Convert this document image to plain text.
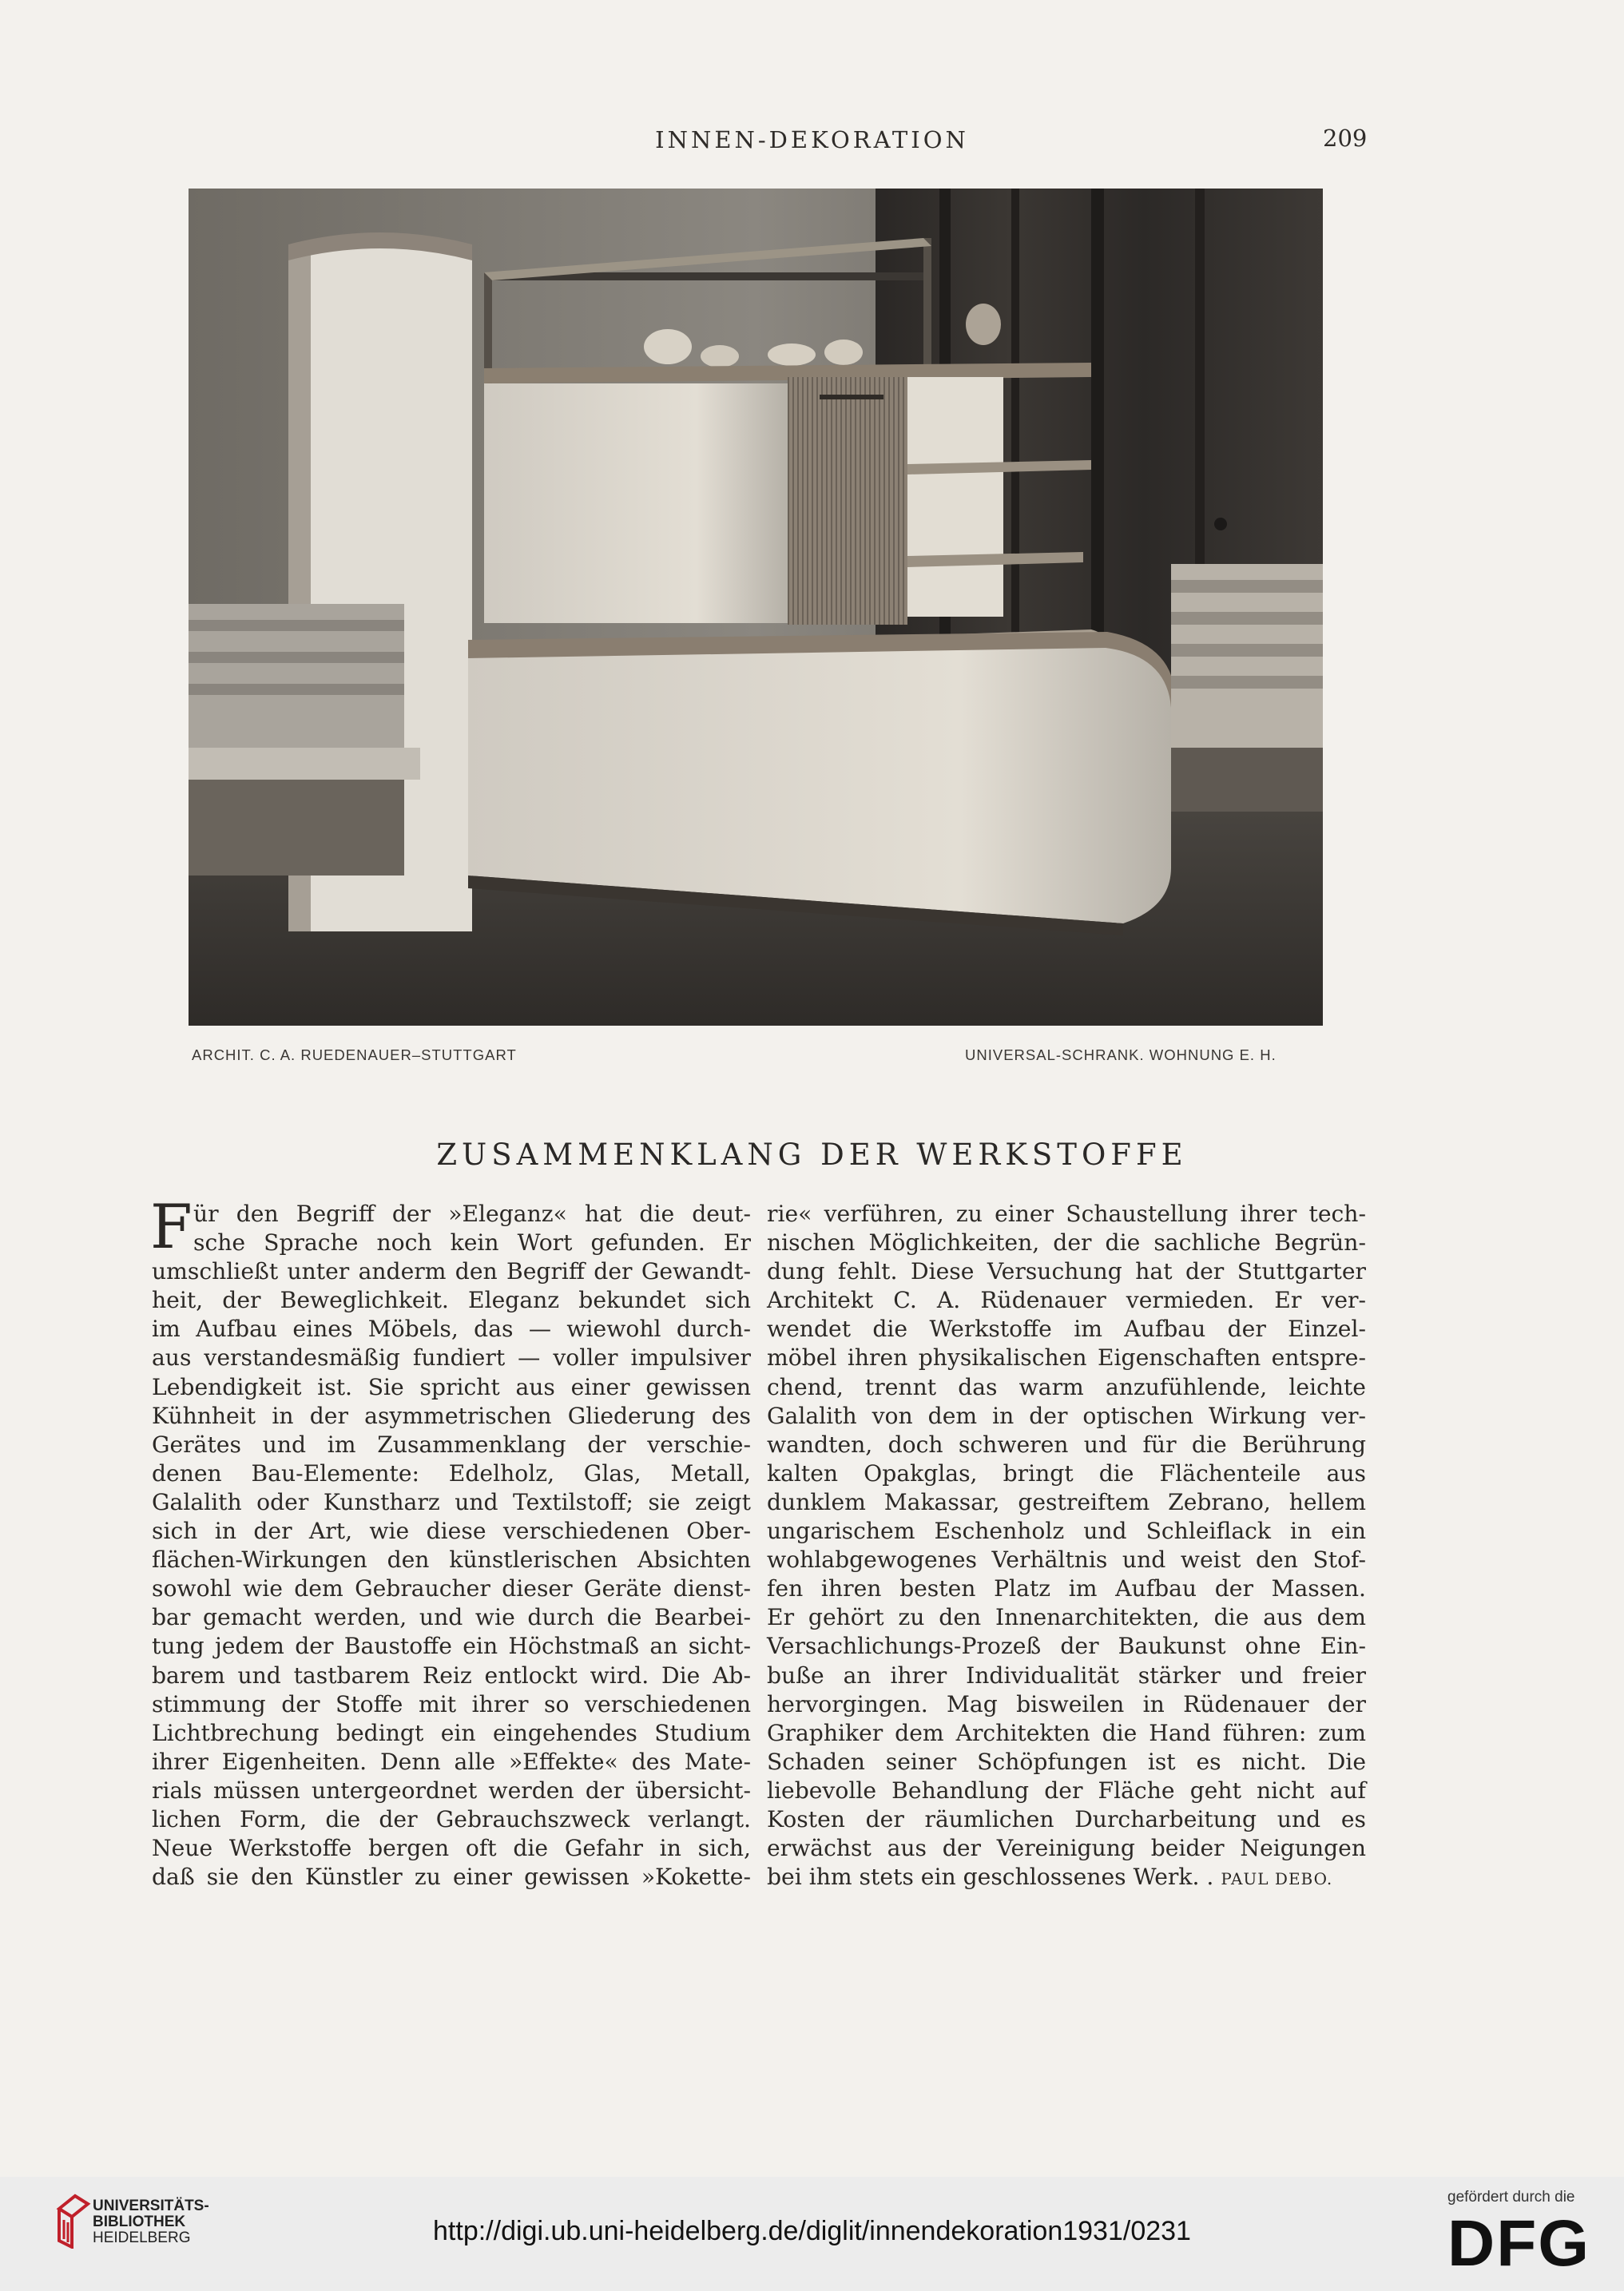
INNEN-DEKORATION	209
ARCHIT. C. A. RUEDENAUER–STUTTGART	UNIVERSAL-SCHRANK. WOHNUNG E. H.
ZUSAMMENKLANG DER WERKSTOFFE
F ür den Begriff der »Eleganz« hat die deut-
sche Sprache noch kein Wort gefunden. Er
umschließt unter anderm den Begriff der Gewandt-
heit, der Beweglichkeit. Eleganz bekundet sich
im Aufbau eines Möbels, das — wiewohl durch-
aus verstandesmäßig fundiert — voller impulsiver
Lebendigkeit ist. Sie spricht aus einer gewissen
Kühnheit in der asymmetrischen Gliederung des
Gerätes und im Zusammenklang der verschie-
denen Bau-Elemente: Edelholz, Glas, Metall,
Galalith oder Kunstharz und Textilstoff; sie zeigt
sich in der Art, wie diese verschiedenen Ober-
flächen-Wirkungen den künstlerischen Absichten
sowohl wie dem Gebraucher dieser Geräte dienst-
bar gemacht werden, und wie durch die Bearbei-
tung jedem der Baustoffe ein Höchstmaß an sicht-
barem und tastbarem Reiz entlockt wird. Die Ab-
stimmung der Stoffe mit ihrer so verschiedenen
Lichtbrechung bedingt ein eingehendes Studium
ihrer Eigenheiten. Denn alle »Effekte« des Mate-
rials müssen untergeordnet werden der übersicht-
lichen Form, die der Gebrauchszweck verlangt.
Neue Werkstoffe bergen oft die Gefahr in sich,
daß sie den Künstler zu einer gewissen »Kokette-
rie« verführen, zu einer Schaustellung ihrer tech-
nischen Möglichkeiten, der die sachliche Begrün-
dung fehlt. Diese Versuchung hat der Stuttgarter
Architekt C. A. Rüdenauer vermieden. Er ver-
wendet die Werkstoffe im Aufbau der Einzel-
möbel ihren physikalischen Eigenschaften entspre-
chend, trennt das warm anzufühlende, leichte
Galalith von dem in der optischen Wirkung ver-
wandten, doch schweren und für die Berührung
kalten Opakglas, bringt die Flächenteile aus
dunklem Makassar, gestreiftem Zebrano, hellem
ungarischem Eschenholz und Schleiflack in ein
wohlabgewogenes Verhältnis und weist den Stof-
fen ihren besten Platz im Aufbau der Massen.
Er gehört zu den Innenarchitekten, die aus dem
Versachlichungs-Prozeß der Baukunst ohne Ein-
buße an ihrer Individualität stärker und freier
hervorgingen. Mag bisweilen in Rüdenauer der
Graphiker dem Architekten die Hand führen: zum
Schaden seiner Schöpfungen ist es nicht. Die
liebevolle Behandlung der Fläche geht nicht auf
Kosten der räumlichen Durcharbeitung und es
erwächst aus der Vereinigung beider Neigungen
bei ihm stets ein geschlossenes Werk. . PAUL DEBO.
UNIVERSITÄTS-
BIBLIOTHEK
HEIDELBERG	http://digi.ub.uni-heidelberg.de/diglit/innendekoration1931/0231
gefördert durch die
DFG
